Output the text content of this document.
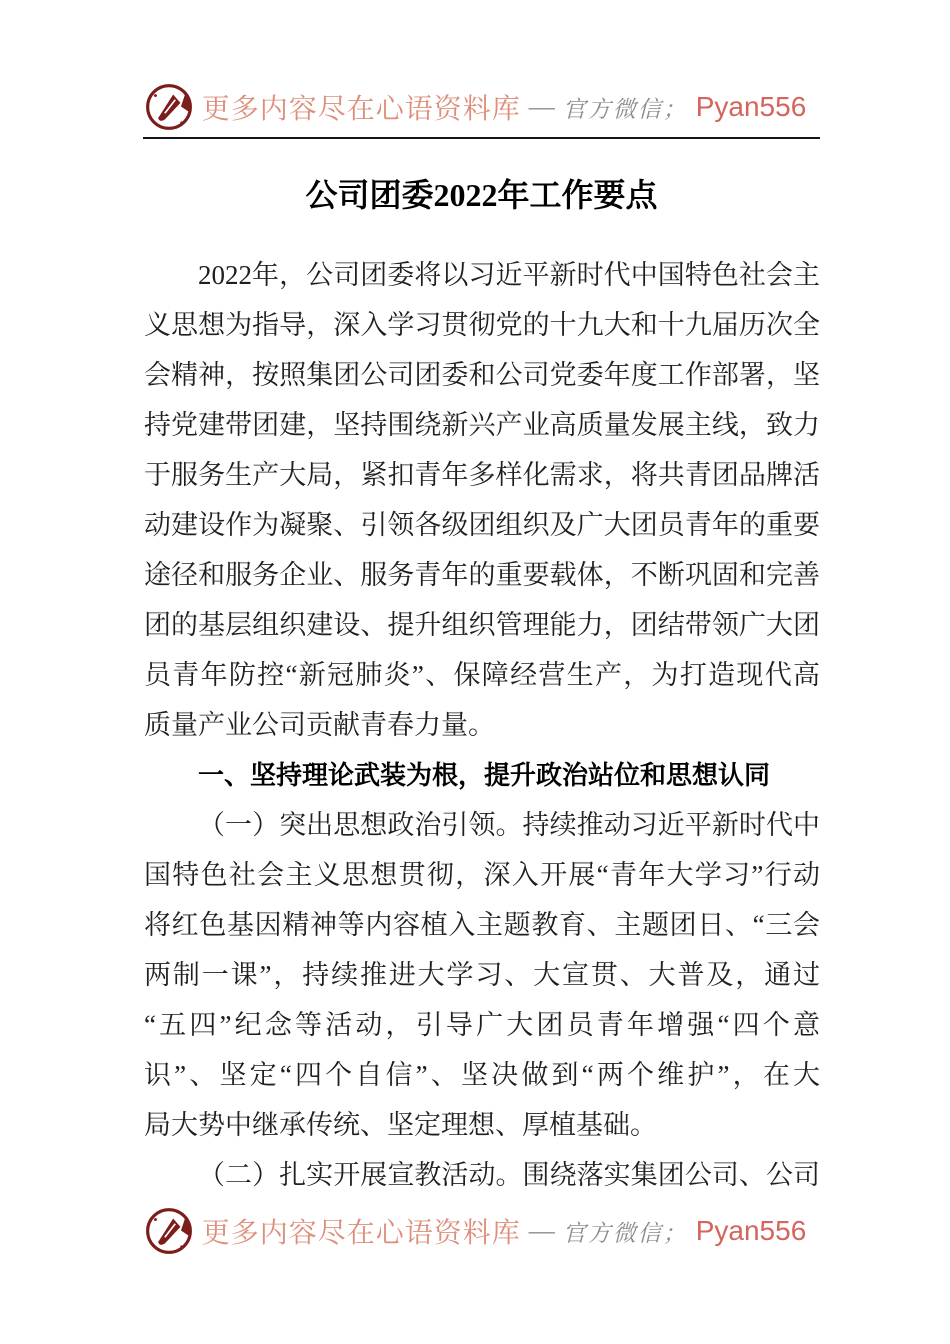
更多内容尽在心语资料库 — 官方微信； Pyan556
公司团委2022年工作要点
2022年，公司团委将以习近平新时代中国特色社会主
义思想为指导，深入学习贯彻党的十九大和十九届历次全
会精神，按照集团公司团委和公司党委年度工作部署，坚
持党建带团建，坚持围绕新兴产业高质量发展主线，致力
于服务生产大局，紧扣青年多样化需求，将共青团品牌活
动建设作为凝聚、引领各级团组织及广大团员青年的重要
途径和服务企业、服务青年的重要载体，不断巩固和完善
团的基层组织建设、提升组织管理能力，团结带领广大团
员青年防控“新冠肺炎”、保障经营生产，为打造现代高
质量产业公司贡献青春力量。
一、坚持理论武装为根，提升政治站位和思想认同
（一）突出思想政治引领。持续推动习近平新时代中
国特色社会主义思想贯彻，深入开展“青年大学习”行动
将红色基因精神等内容植入主题教育、主题团日、“三会
两制一课”，持续推进大学习、大宣贯、大普及，通过
“五四”纪念等活动，引导广大团员青年增强“四个意
识”、坚定“四个自信”、坚决做到“两个维护”，在大
局大势中继承传统、坚定理想、厚植基础。
（二）扎实开展宣教活动。围绕落实集团公司、公司
更多内容尽在心语资料库 — 官方微信； Pyan556
